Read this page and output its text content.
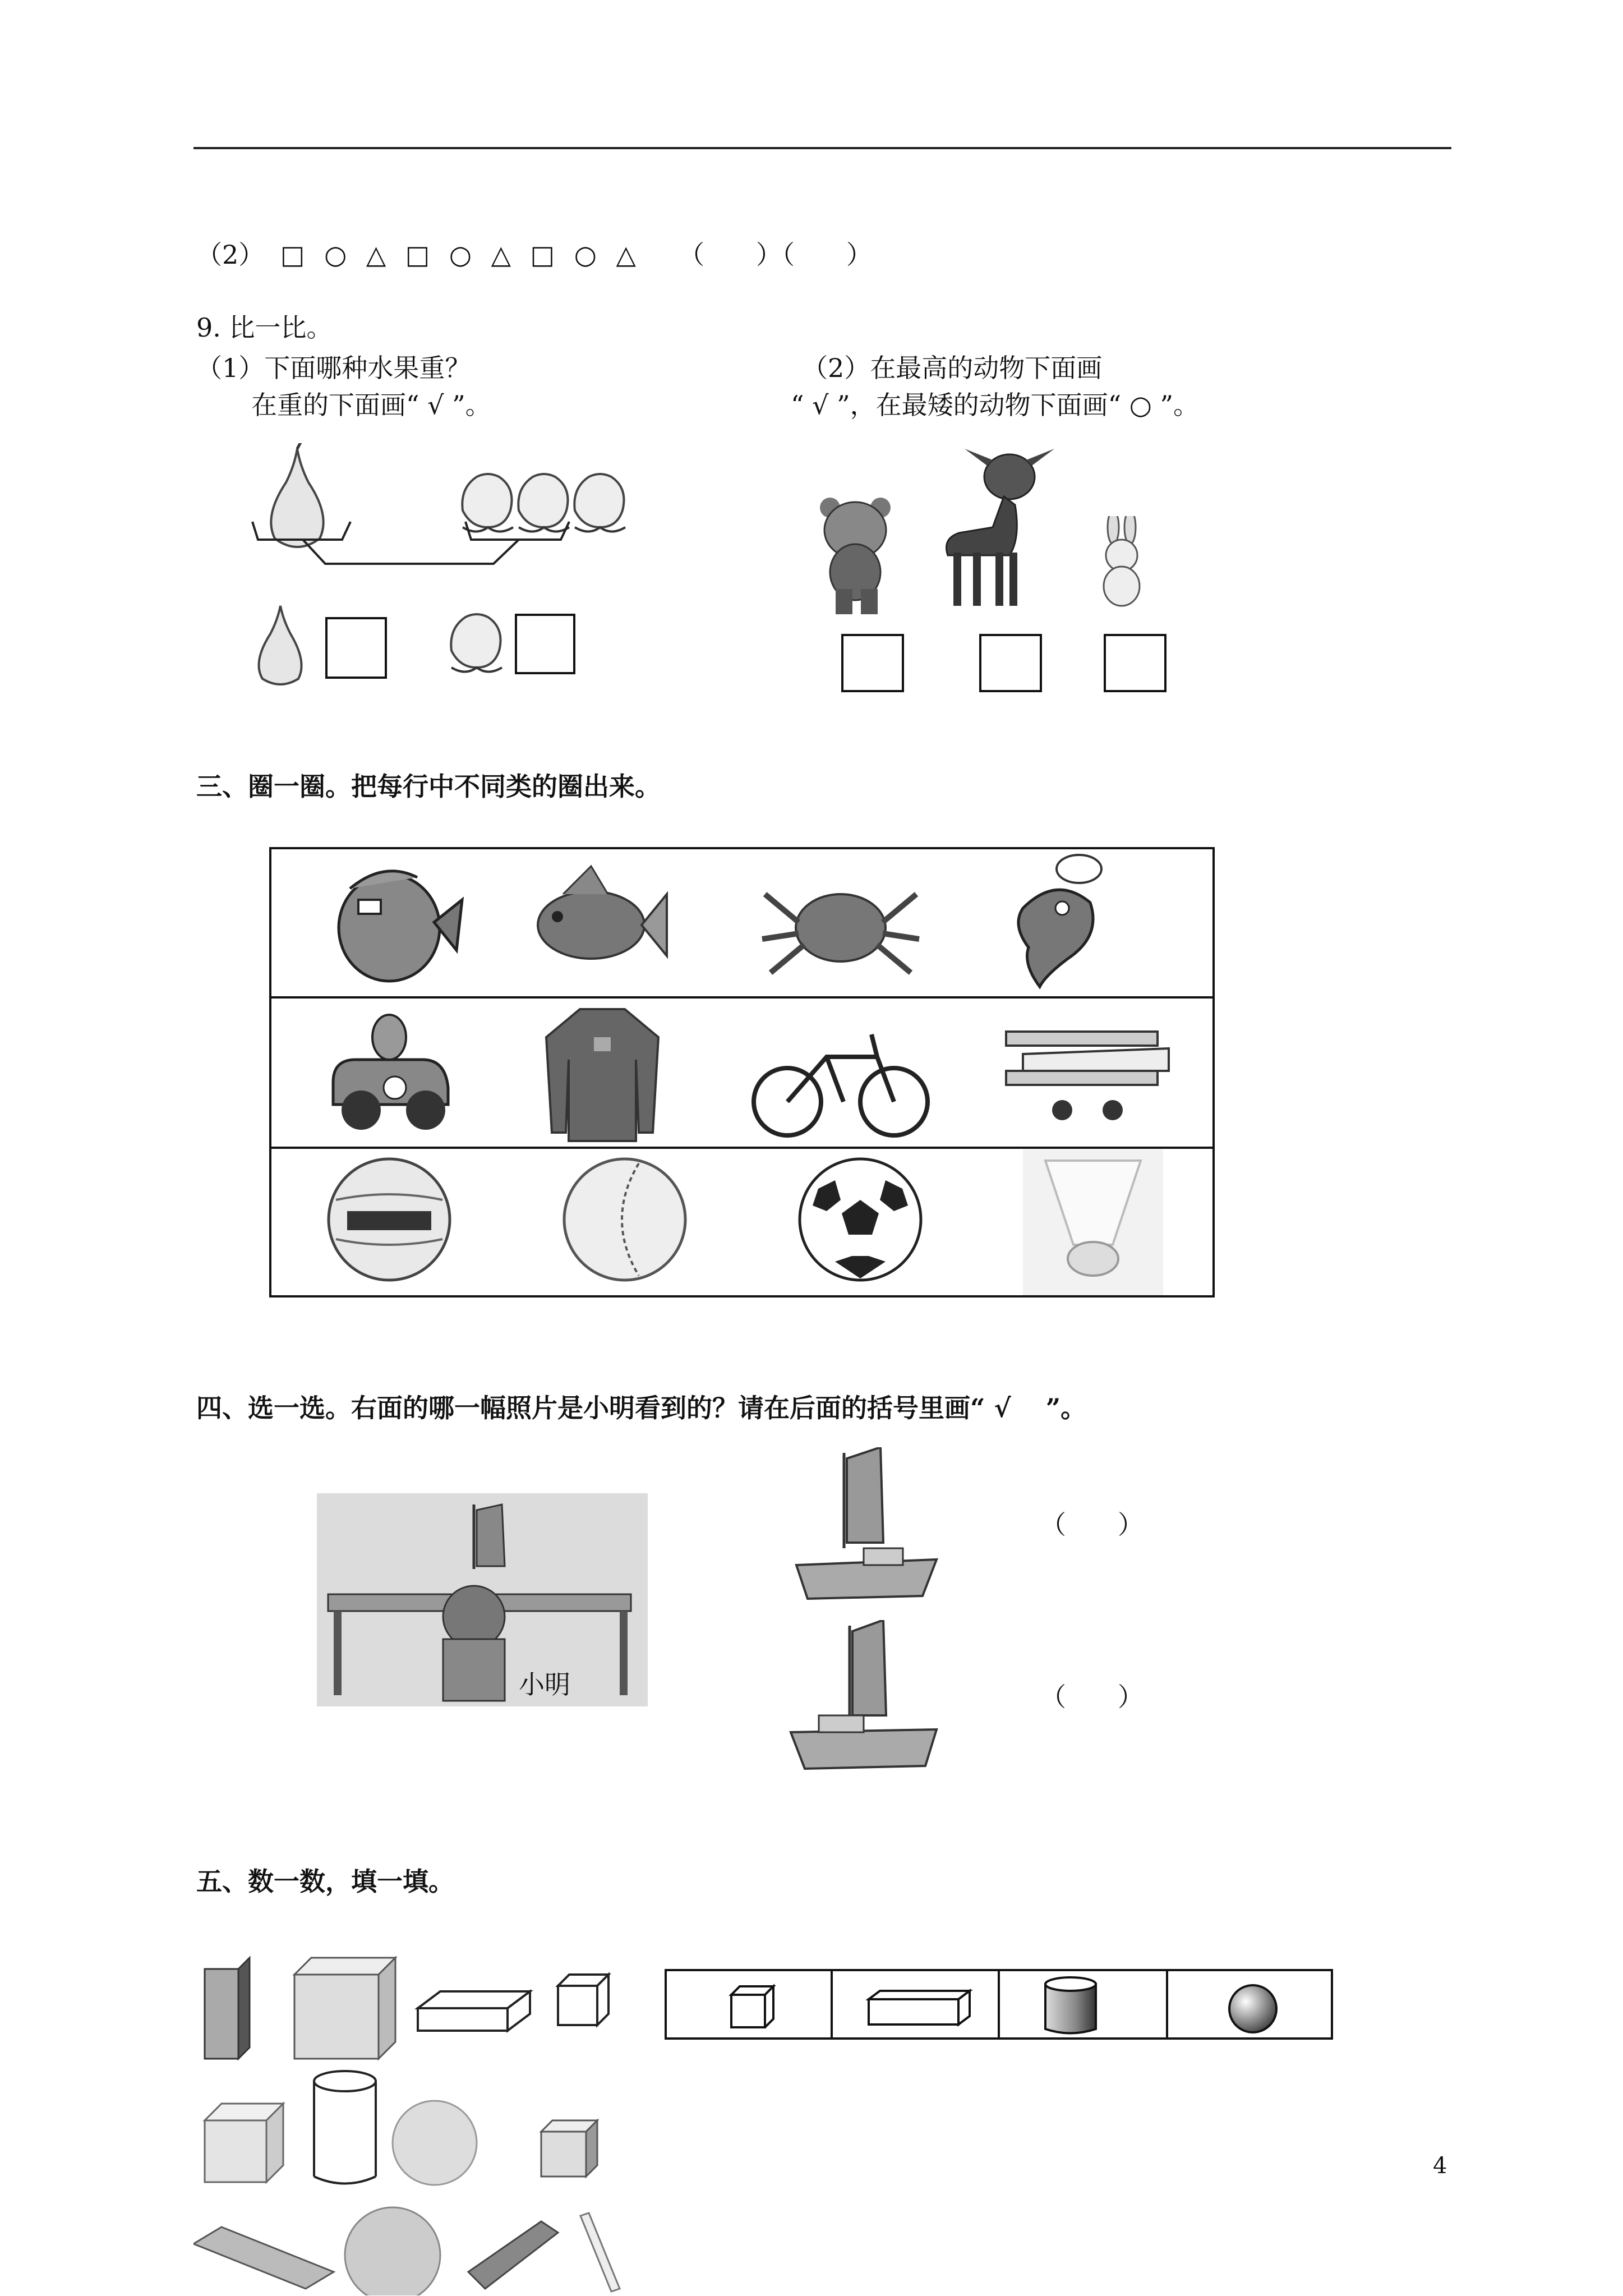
（2） □ ○ △ □ ○ △ □ ○ △ （　　）（　　）
9. 比一比。
（1）下面哪种水果重？
在重的下面画“ √ ”。
（2）在最高的动物下面画
“ √ ”，在最矮的动物下面画“ ○ ”。
三、圈一圈。把每行中不同类的圈出来。
四、选一选。右面的哪一幅照片是小明看到的？请在后面的括号里画“ √　 ”。
小明
（　　）
（　　）
五、数一数，填一填。
4
